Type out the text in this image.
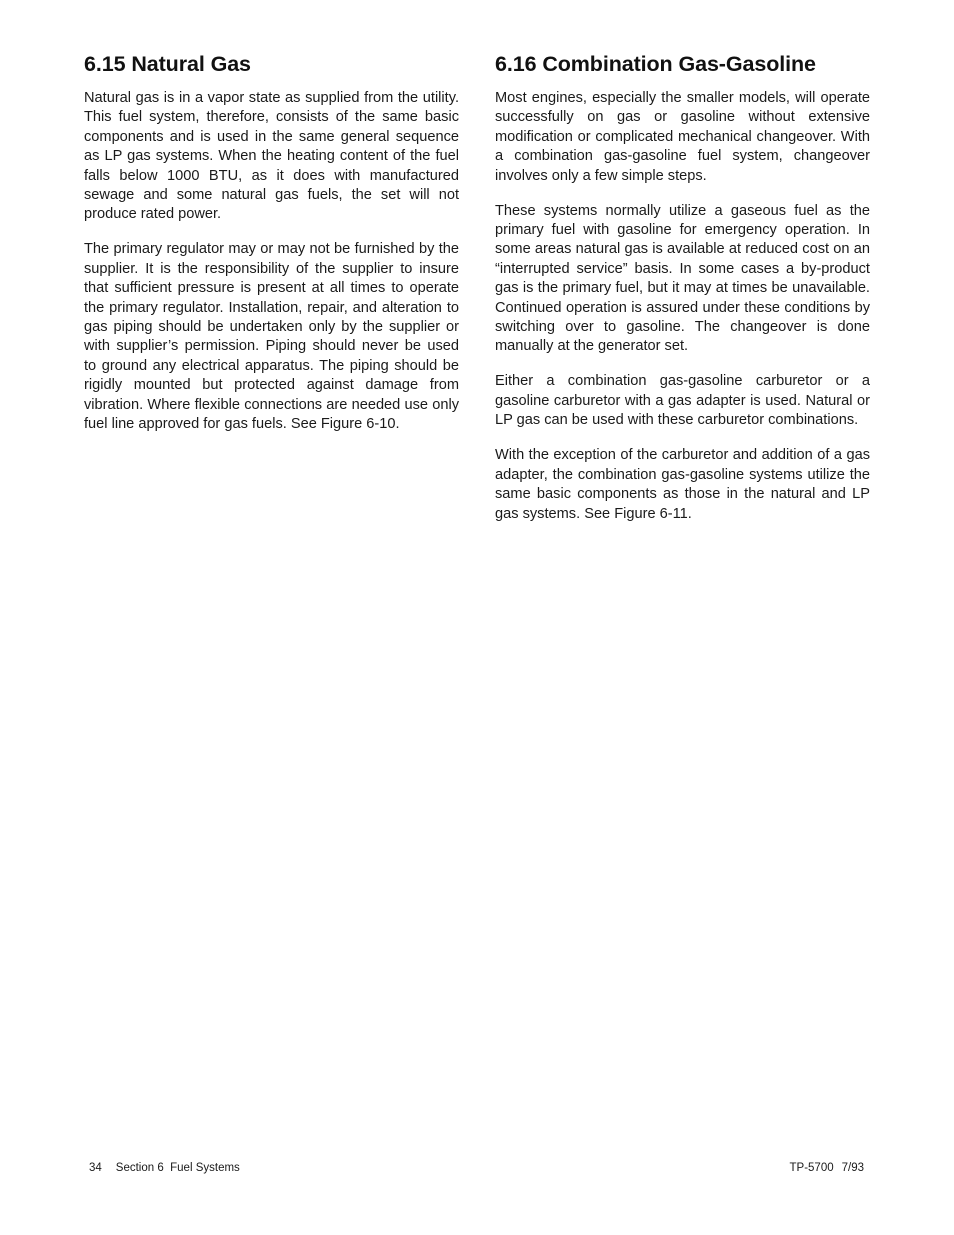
6.15 Natural Gas

Natural gas is in a vapor state as supplied from the utility. This fuel system, therefore, consists of the same basic components and is used in the same general sequence as LP gas systems. When the heating content of the fuel falls below 1000 BTU, as it does with manufactured sewage and some natural gas fuels, the set will not produce rated power.

The primary regulator may or may not be furnished by the supplier. It is the responsibility of the supplier to insure that sufficient pressure is present at all times to operate the primary regulator. Installation, repair, and alteration to gas piping should be undertaken only by the supplier or with supplier’s permission. Piping should never be used to ground any electrical apparatus. The piping should be rigidly mounted but protected against damage from vibration. Where flexible connections are needed use only fuel line approved for gas fuels. See Figure 6-10.

6.16 Combination Gas-Gasoline

Most engines, especially the smaller models, will operate successfully on gas or gasoline without extensive modification or complicated mechanical changeover. With a combination gas-gasoline fuel system, changeover involves only a few simple steps.

These systems normally utilize a gaseous fuel as the primary fuel with gasoline for emergency operation. In some areas natural gas is available at reduced cost on an “interrupted service” basis. In some cases a by-product gas is the primary fuel, but it may at times be unavailable. Continued operation is assured under these conditions by switching over to gasoline. The changeover is done manually at the generator set.

Either a combination gas-gasoline carburetor or a gasoline carburetor with a gas adapter is used. Natural or LP gas can be used with these carburetor combinations.

With the exception of the carburetor and addition of a gas adapter, the combination gas-gasoline systems utilize the same basic components as those in the natural and LP gas systems. See Figure 6-11.

34 Section 6  Fuel Systems	TP-5700 7/93
